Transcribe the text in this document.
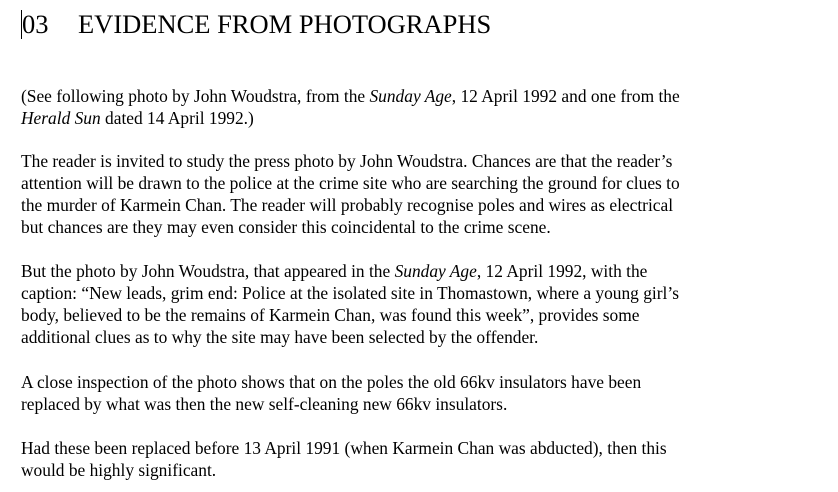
03 EVIDENCE FROM PHOTOGRAPHS

(See following photo by John Woudstra, from the Sunday Age, 12 April 1992 and one from the
Herald Sun dated 14 April 1992.)

The reader is invited to study the press photo by John Woudstra. Chances are that the reader’s
attention will be drawn to the police at the crime site who are searching the ground for clues to
the murder of Karmein Chan. The reader will probably recognise poles and wires as electrical
but chances are they may even consider this coincidental to the crime scene.

But the photo by John Woudstra, that appeared in the Sunday Age, 12 April 1992, with the
caption: “New leads, grim end: Police at the isolated site in Thomastown, where a young girl’s
body, believed to be the remains of Karmein Chan, was found this week”, provides some
additional clues as to why the site may have been selected by the offender.

A close inspection of the photo shows that on the poles the old 66kv insulators have been
replaced by what was then the new self-cleaning new 66kv insulators.

Had these been replaced before 13 April 1991 (when Karmein Chan was abducted), then this
would be highly significant.
